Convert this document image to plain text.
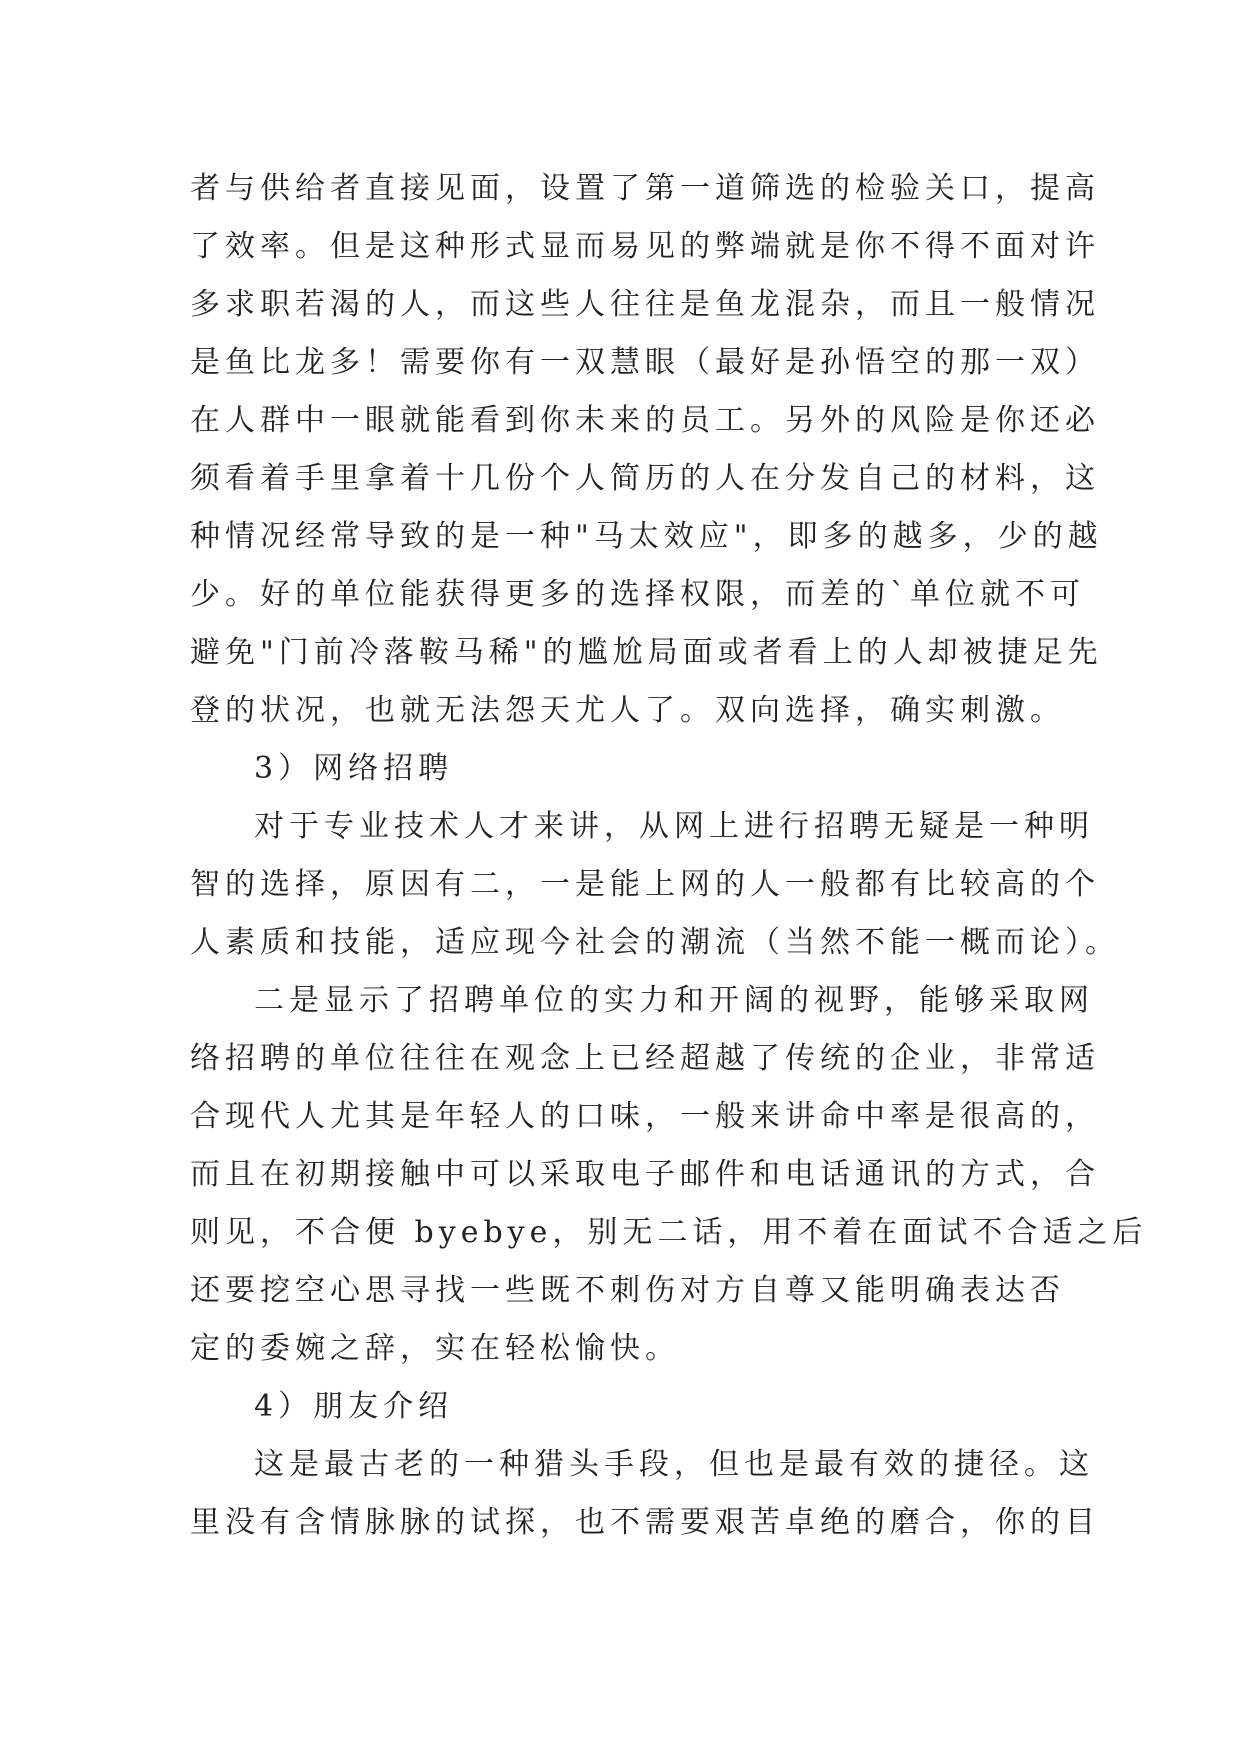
者与供给者直接见面，设置了第一道筛选的检验关口，提高
了效率。但是这种形式显而易见的弊端就是你不得不面对许
多求职若渴的人，而这些人往往是鱼龙混杂，而且一般情况
是鱼比龙多！需要你有一双慧眼（最好是孙悟空的那一双）
在人群中一眼就能看到你未来的员工。另外的风险是你还必
须看着手里拿着十几份个人简历的人在分发自己的材料，这
种情况经常导致的是一种"马太效应"，即多的越多，少的越
少。好的单位能获得更多的选择权限，而差的`单位就不可
避免"门前冷落鞍马稀"的尴尬局面或者看上的人却被捷足先
登的状况，也就无法怨天尤人了。双向选择，确实刺激。
3）网络招聘
对于专业技术人才来讲，从网上进行招聘无疑是一种明
智的选择，原因有二，一是能上网的人一般都有比较高的个
人素质和技能，适应现今社会的潮流（当然不能一概而论）。
二是显示了招聘单位的实力和开阔的视野，能够采取网
络招聘的单位往往在观念上已经超越了传统的企业，非常适
合现代人尤其是年轻人的口味，一般来讲命中率是很高的，
而且在初期接触中可以采取电子邮件和电话通讯的方式，合
则见，不合便 byebye，别无二话，用不着在面试不合适之后
还要挖空心思寻找一些既不刺伤对方自尊又能明确表达否
定的委婉之辞，实在轻松愉快。
4）朋友介绍
这是最古老的一种猎头手段，但也是最有效的捷径。这
里没有含情脉脉的试探，也不需要艰苦卓绝的磨合，你的目
